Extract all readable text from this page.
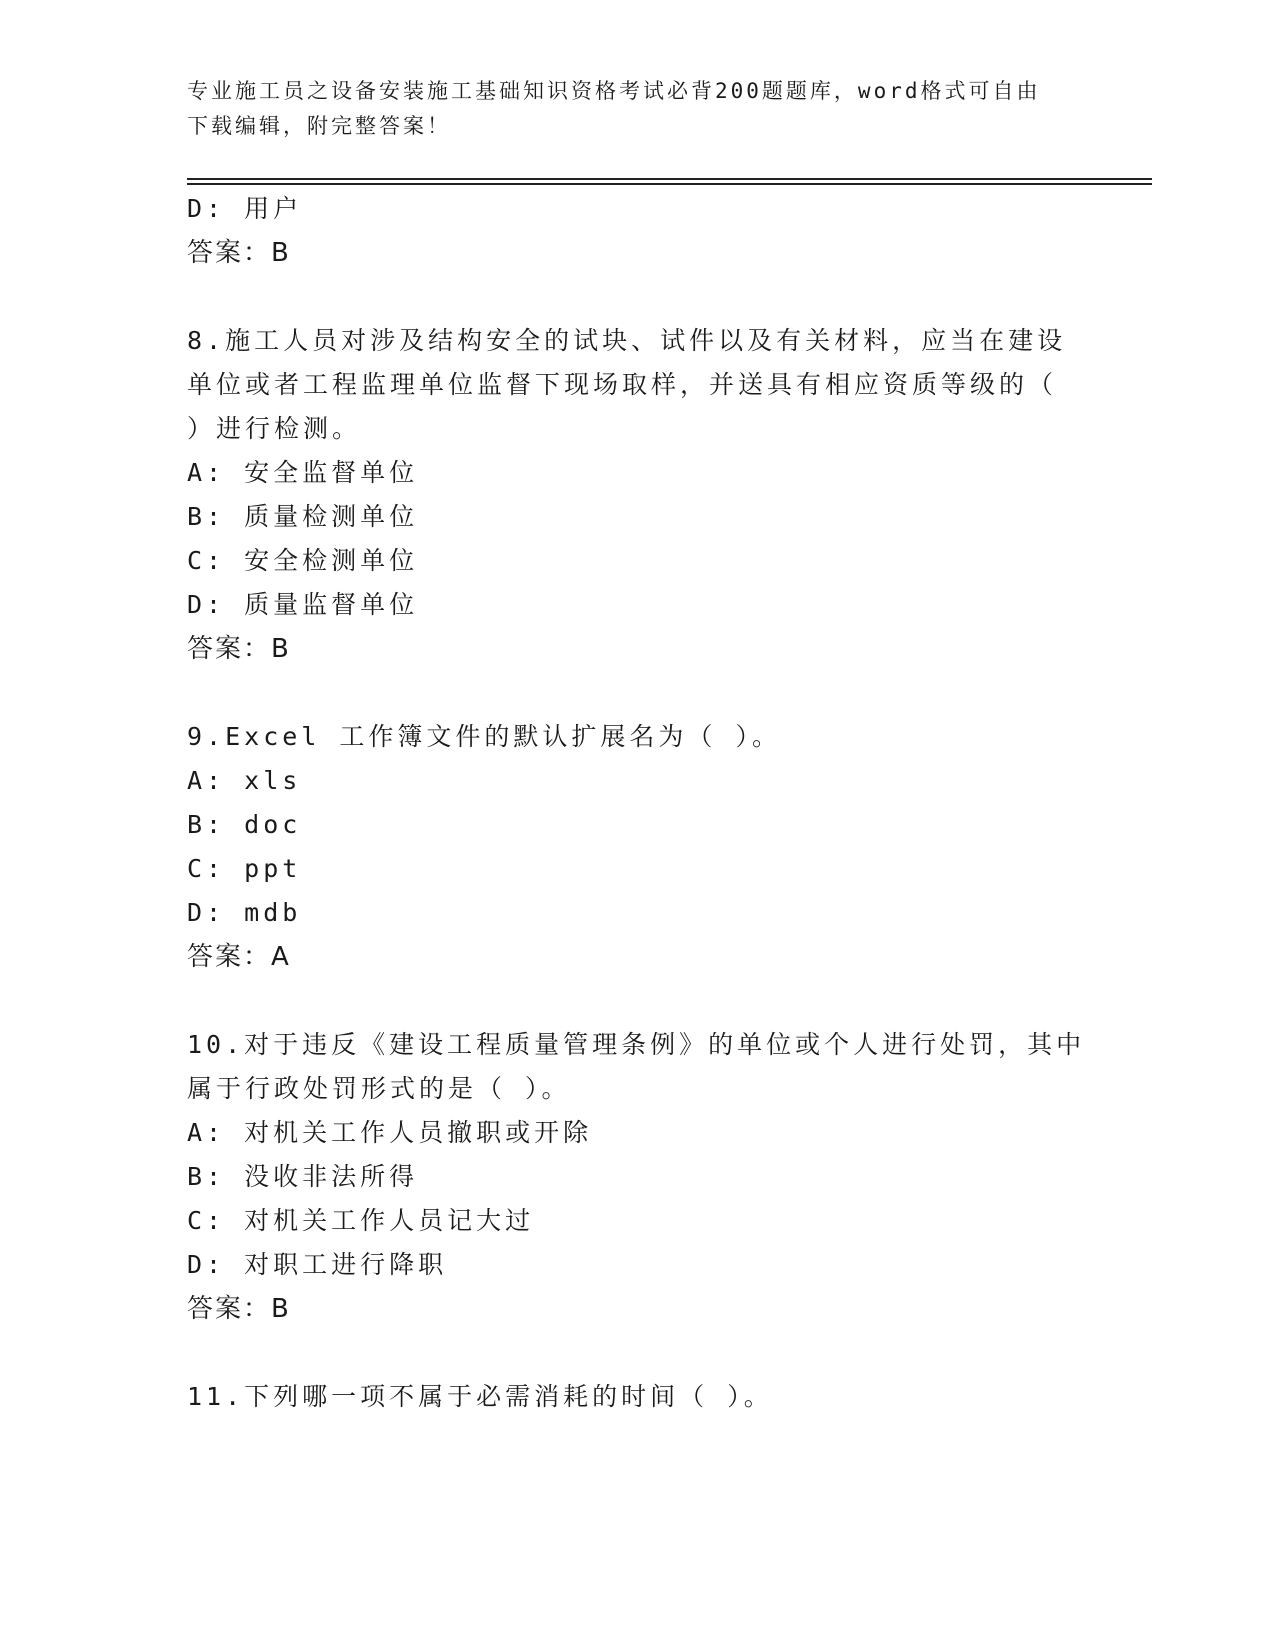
专业施工员之设备安装施工基础知识资格考试必背200题题库，word格式可自由
下载编辑，附完整答案！
D: 用户
答案：B
8.施工人员对涉及结构安全的试块、试件以及有关材料，应当在建设
单位或者工程监理单位监督下现场取样，并送具有相应资质等级的（
）进行检测。
A: 安全监督单位
B: 质量检测单位
C: 安全检测单位
D: 质量监督单位
答案：B
9.Excel 工作簿文件的默认扩展名为（ ）。
A: xls
B: doc
C: ppt
D: mdb
答案：A
10.对于违反《建设工程质量管理条例》的单位或个人进行处罚，其中
属于行政处罚形式的是（ ）。
A: 对机关工作人员撤职或开除
B: 没收非法所得
C: 对机关工作人员记大过
D: 对职工进行降职
答案：B
11.下列哪一项不属于必需消耗的时间（ ）。
